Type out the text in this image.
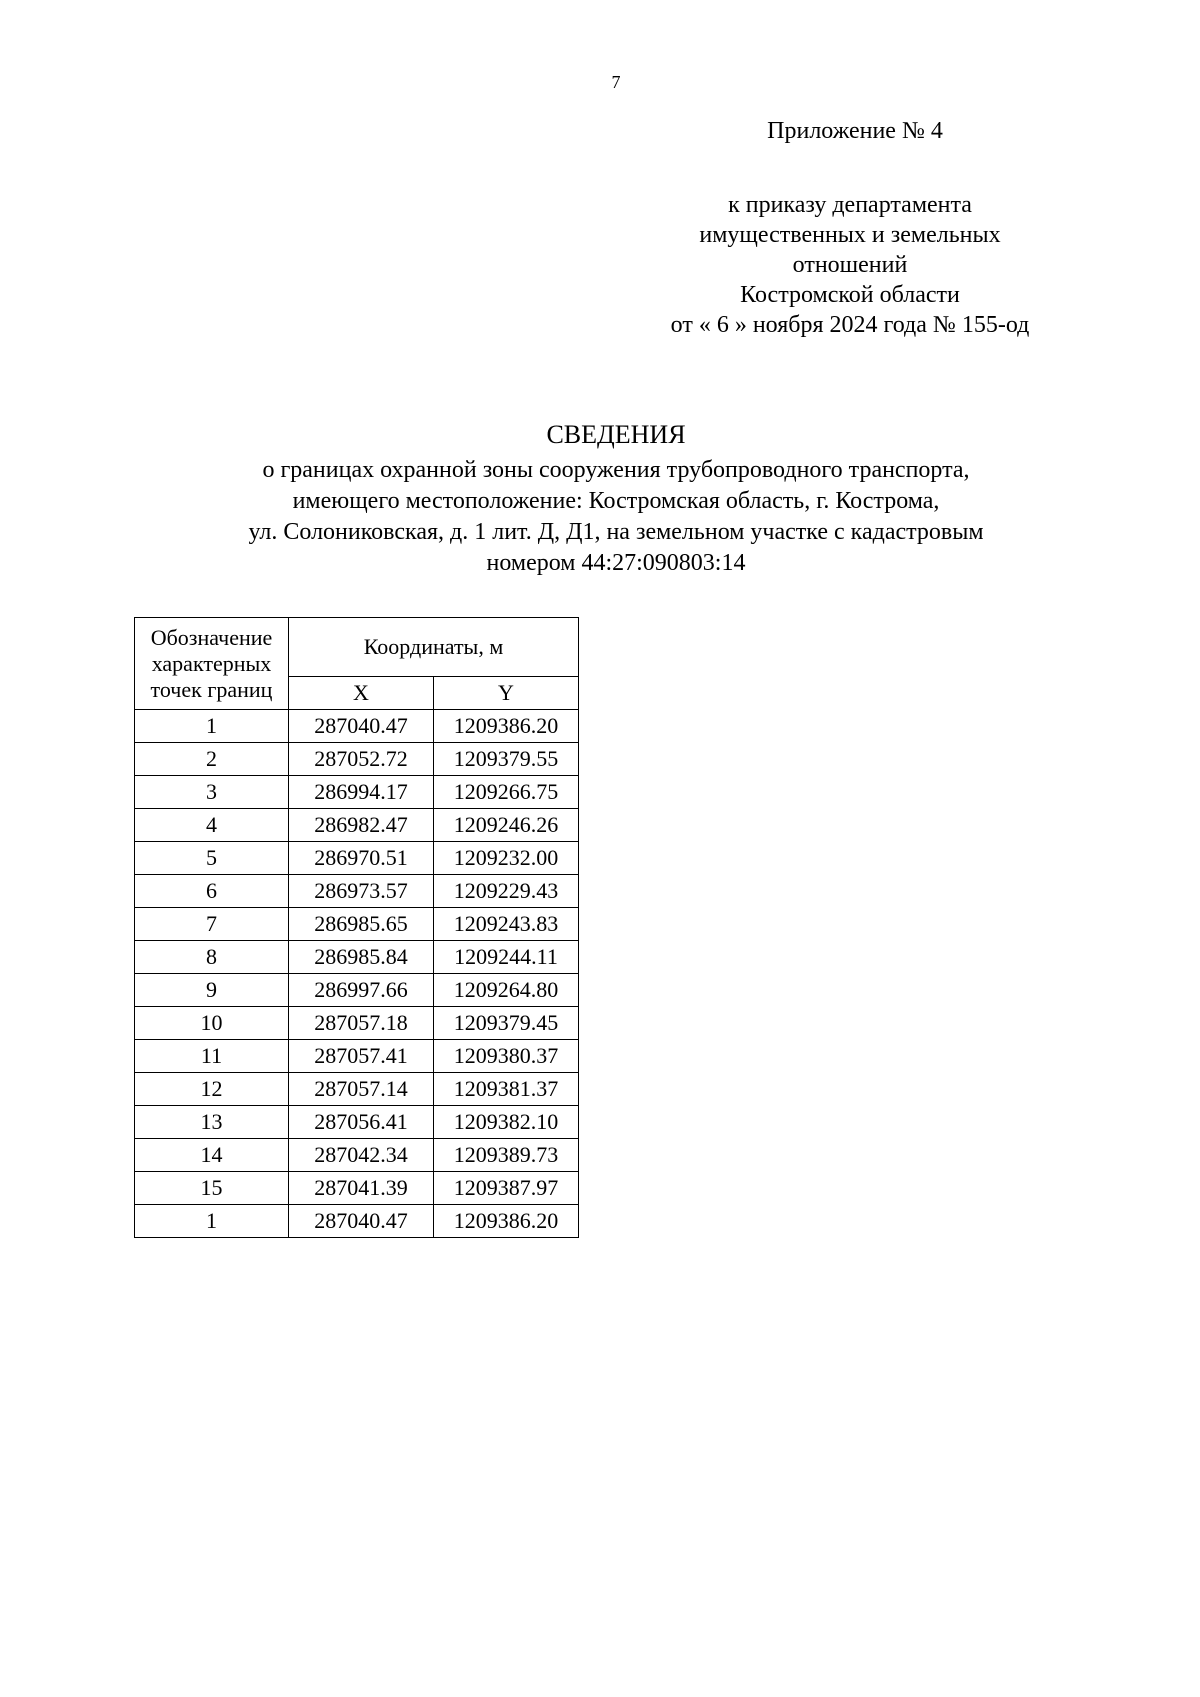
7
Приложение № 4
к приказу департамента
имущественных и земельных
отношений
Костромской области
от « 6 » ноября 2024 года № 155-од
СВЕДЕНИЯ
о границах охранной зоны сооружения трубопроводного транспорта,
имеющего местоположение: Костромская область, г. Кострома,
ул. Солониковская, д. 1 лит. Д, Д1, на земельном участке с кадастровым
номером 44:27:090803:14
Обозначение
характерных
точек границ	Координаты, м	
	X	Y
1	287040.47	1209386.20
2	287052.72	1209379.55
3	286994.17	1209266.75
4	286982.47	1209246.26
5	286970.51	1209232.00
6	286973.57	1209229.43
7	286985.65	1209243.83
8	286985.84	1209244.11
9	286997.66	1209264.80
10	287057.18	1209379.45
11	287057.41	1209380.37
12	287057.14	1209381.37
13	287056.41	1209382.10
14	287042.34	1209389.73
15	287041.39	1209387.97
1	287040.47	1209386.20
